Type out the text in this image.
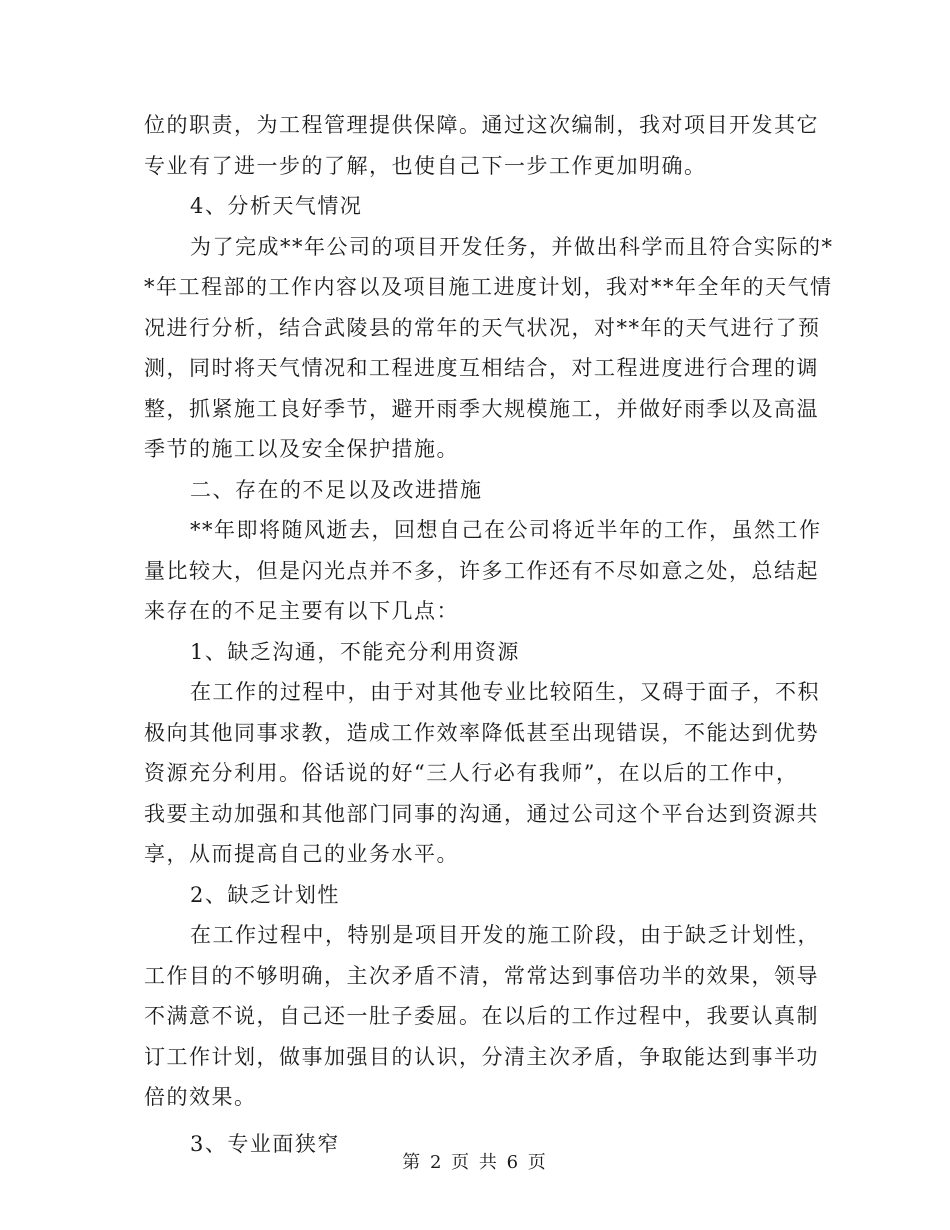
位的职责，为工程管理提供保障。通过这次编制，我对项目开发其它
专业有了进一步的了解，也使自己下一步工作更加明确。
4、分析天气情况
为了完成**年公司的项目开发任务，并做出科学而且符合实际的*
*年工程部的工作内容以及项目施工进度计划，我对**年全年的天气情
况进行分析，结合武陵县的常年的天气状况，对**年的天气进行了预
测，同时将天气情况和工程进度互相结合，对工程进度进行合理的调
整，抓紧施工良好季节，避开雨季大规模施工，并做好雨季以及高温
季节的施工以及安全保护措施。
二、存在的不足以及改进措施
**年即将随风逝去，回想自己在公司将近半年的工作，虽然工作
量比较大，但是闪光点并不多，许多工作还有不尽如意之处，总结起
来存在的不足主要有以下几点：
1、缺乏沟通，不能充分利用资源
在工作的过程中，由于对其他专业比较陌生，又碍于面子，不积
极向其他同事求教，造成工作效率降低甚至出现错误，不能达到优势
资源充分利用。俗话说的好“三人行必有我师”，在以后的工作中，
我要主动加强和其他部门同事的沟通，通过公司这个平台达到资源共
享，从而提高自己的业务水平。
2、缺乏计划性
在工作过程中，特别是项目开发的施工阶段，由于缺乏计划性，
工作目的不够明确，主次矛盾不清，常常达到事倍功半的效果，领导
不满意不说，自己还一肚子委屈。在以后的工作过程中，我要认真制
订工作计划，做事加强目的认识，分清主次矛盾，争取能达到事半功
倍的效果。
3、专业面狭窄
第 2 页 共 6 页
